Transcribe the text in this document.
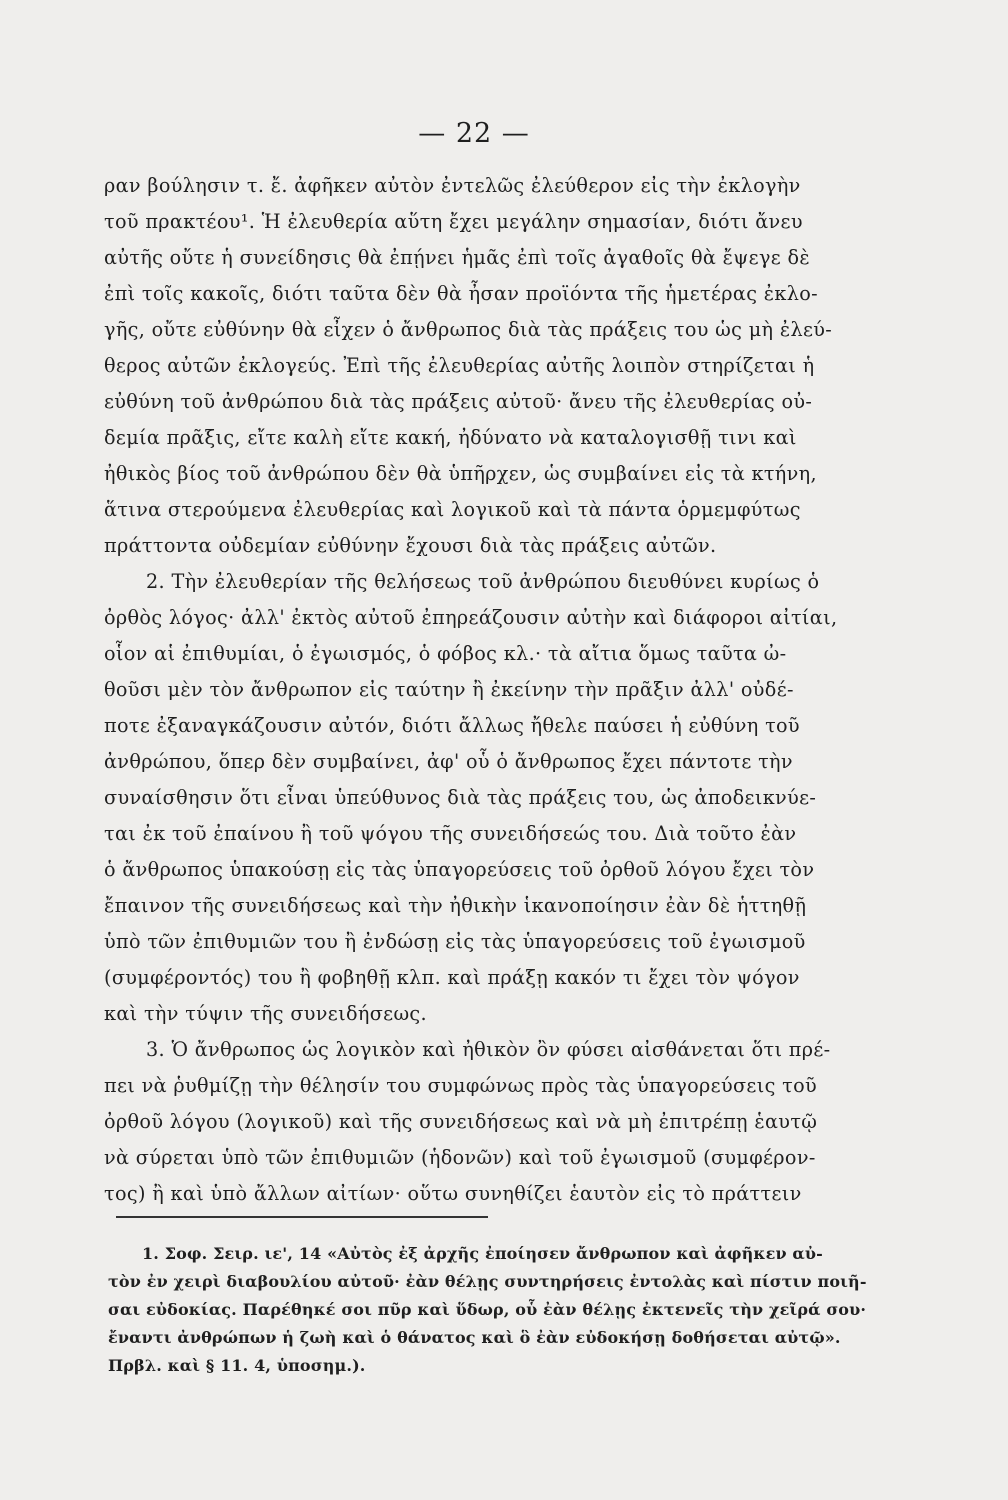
— 22 —
ραν βούλησιν τ. ἔ. ἀφῆκεν αὐτὸν ἐντελῶς ἐλεύθερον εἰς τὴν ἐκλογὴν
τοῦ πρακτέου¹. Ἡ ἐλευθερία αὕτη ἔχει μεγάλην σημασίαν, διότι ἄνευ
αὐτῆς οὔτε ἡ συνείδησις θὰ ἐπῄνει ἡμᾶς ἐπὶ τοῖς ἀγαθοῖς θὰ ἔψεγε δὲ
ἐπὶ τοῖς κακοῖς, διότι ταῦτα δὲν θὰ ἦσαν προϊόντα τῆς ἡμετέρας ἐκλο-
γῆς, οὔτε εὐθύνην θὰ εἶχεν ὁ ἄνθρωπος διὰ τὰς πράξεις του ὡς μὴ ἐλεύ-
θερος αὐτῶν ἐκλογεύς. Ἐπὶ τῆς ἐλευθερίας αὐτῆς λοιπὸν στηρίζεται ἡ
εὐθύνη τοῦ ἀνθρώπου διὰ τὰς πράξεις αὐτοῦ· ἄνευ τῆς ἐλευθερίας οὐ-
δεμία πρᾶξις, εἴτε καλὴ εἴτε κακή, ἠδύνατο νὰ καταλογισθῇ τινι καὶ
ἠθικὸς βίος τοῦ ἀνθρώπου δὲν θὰ ὑπῆρχεν, ὡς συμβαίνει εἰς τὰ κτήνη,
ἅτινα στερούμενα ἐλευθερίας καὶ λογικοῦ καὶ τὰ πάντα ὁρμεμφύτως
πράττοντα οὐδεμίαν εὐθύνην ἔχουσι διὰ τὰς πράξεις αὐτῶν.
2. Τὴν ἐλευθερίαν τῆς θελήσεως τοῦ ἀνθρώπου διευθύνει κυρίως ὁ
ὀρθὸς λόγος· ἀλλ' ἐκτὸς αὐτοῦ ἐπηρεάζουσιν αὐτὴν καὶ διάφοροι αἰτίαι,
οἷον αἱ ἐπιθυμίαι, ὁ ἐγωισμός, ὁ φόβος κλ.· τὰ αἴτια ὅμως ταῦτα ὠ-
θοῦσι μὲν τὸν ἄνθρωπον εἰς ταύτην ἢ ἐκείνην τὴν πρᾶξιν ἀλλ' οὐδέ-
ποτε ἐξαναγκάζουσιν αὐτόν, διότι ἄλλως ἤθελε παύσει ἡ εὐθύνη τοῦ
ἀνθρώπου, ὅπερ δὲν συμβαίνει, ἀφ' οὗ ὁ ἄνθρωπος ἔχει πάντοτε τὴν
συναίσθησιν ὅτι εἶναι ὑπεύθυνος διὰ τὰς πράξεις του, ὡς ἀποδεικνύε-
ται ἐκ τοῦ ἐπαίνου ἢ τοῦ ψόγου τῆς συνειδήσεώς του. Διὰ τοῦτο ἐὰν
ὁ ἄνθρωπος ὑπακούσῃ εἰς τὰς ὑπαγορεύσεις τοῦ ὀρθοῦ λόγου ἔχει τὸν
ἔπαινον τῆς συνειδήσεως καὶ τὴν ἠθικὴν ἱκανοποίησιν ἐὰν δὲ ἡττηθῇ
ὑπὸ τῶν ἐπιθυμιῶν του ἢ ἐνδώσῃ εἰς τὰς ὑπαγορεύσεις τοῦ ἐγωισμοῦ
(συμφέροντός) του ἢ φοβηθῇ κλπ. καὶ πράξῃ κακόν τι ἔχει τὸν ψόγον
καὶ τὴν τύψιν τῆς συνειδήσεως.
3. Ὁ ἄνθρωπος ὡς λογικὸν καὶ ἠθικὸν ὂν φύσει αἰσθάνεται ὅτι πρέ-
πει νὰ ῥυθμίζῃ τὴν θέλησίν του συμφώνως πρὸς τὰς ὑπαγορεύσεις τοῦ
ὀρθοῦ λόγου (λογικοῦ) καὶ τῆς συνειδήσεως καὶ νὰ μὴ ἐπιτρέπῃ ἑαυτῷ
νὰ σύρεται ὑπὸ τῶν ἐπιθυμιῶν (ἡδονῶν) καὶ τοῦ ἐγωισμοῦ (συμφέρον-
τος) ἢ καὶ ὑπὸ ἄλλων αἰτίων· οὕτω συνηθίζει ἑαυτὸν εἰς τὸ πράττειν
1. Σοφ. Σειρ. ιε', 14 «Αὐτὸς ἐξ ἀρχῆς ἐποίησεν ἄνθρωπον καὶ ἀφῆκεν αὐ-
τὸν ἐν χειρὶ διαβουλίου αὐτοῦ· ἐὰν θέλῃς συντηρήσεις ἐντολὰς καὶ πίστιν ποιῆ-
σαι εὐδοκίας. Παρέθηκέ σοι πῦρ καὶ ὕδωρ, οὗ ἐὰν θέλῃς ἐκτενεῖς τὴν χεῖρά σου·
ἔναντι ἀνθρώπων ἡ ζωὴ καὶ ὁ θάνατος καὶ ὃ ἐὰν εὐδοκήσῃ δοθήσεται αὐτῷ».
Πρβλ. καὶ § 11. 4, ὑποσημ.).
